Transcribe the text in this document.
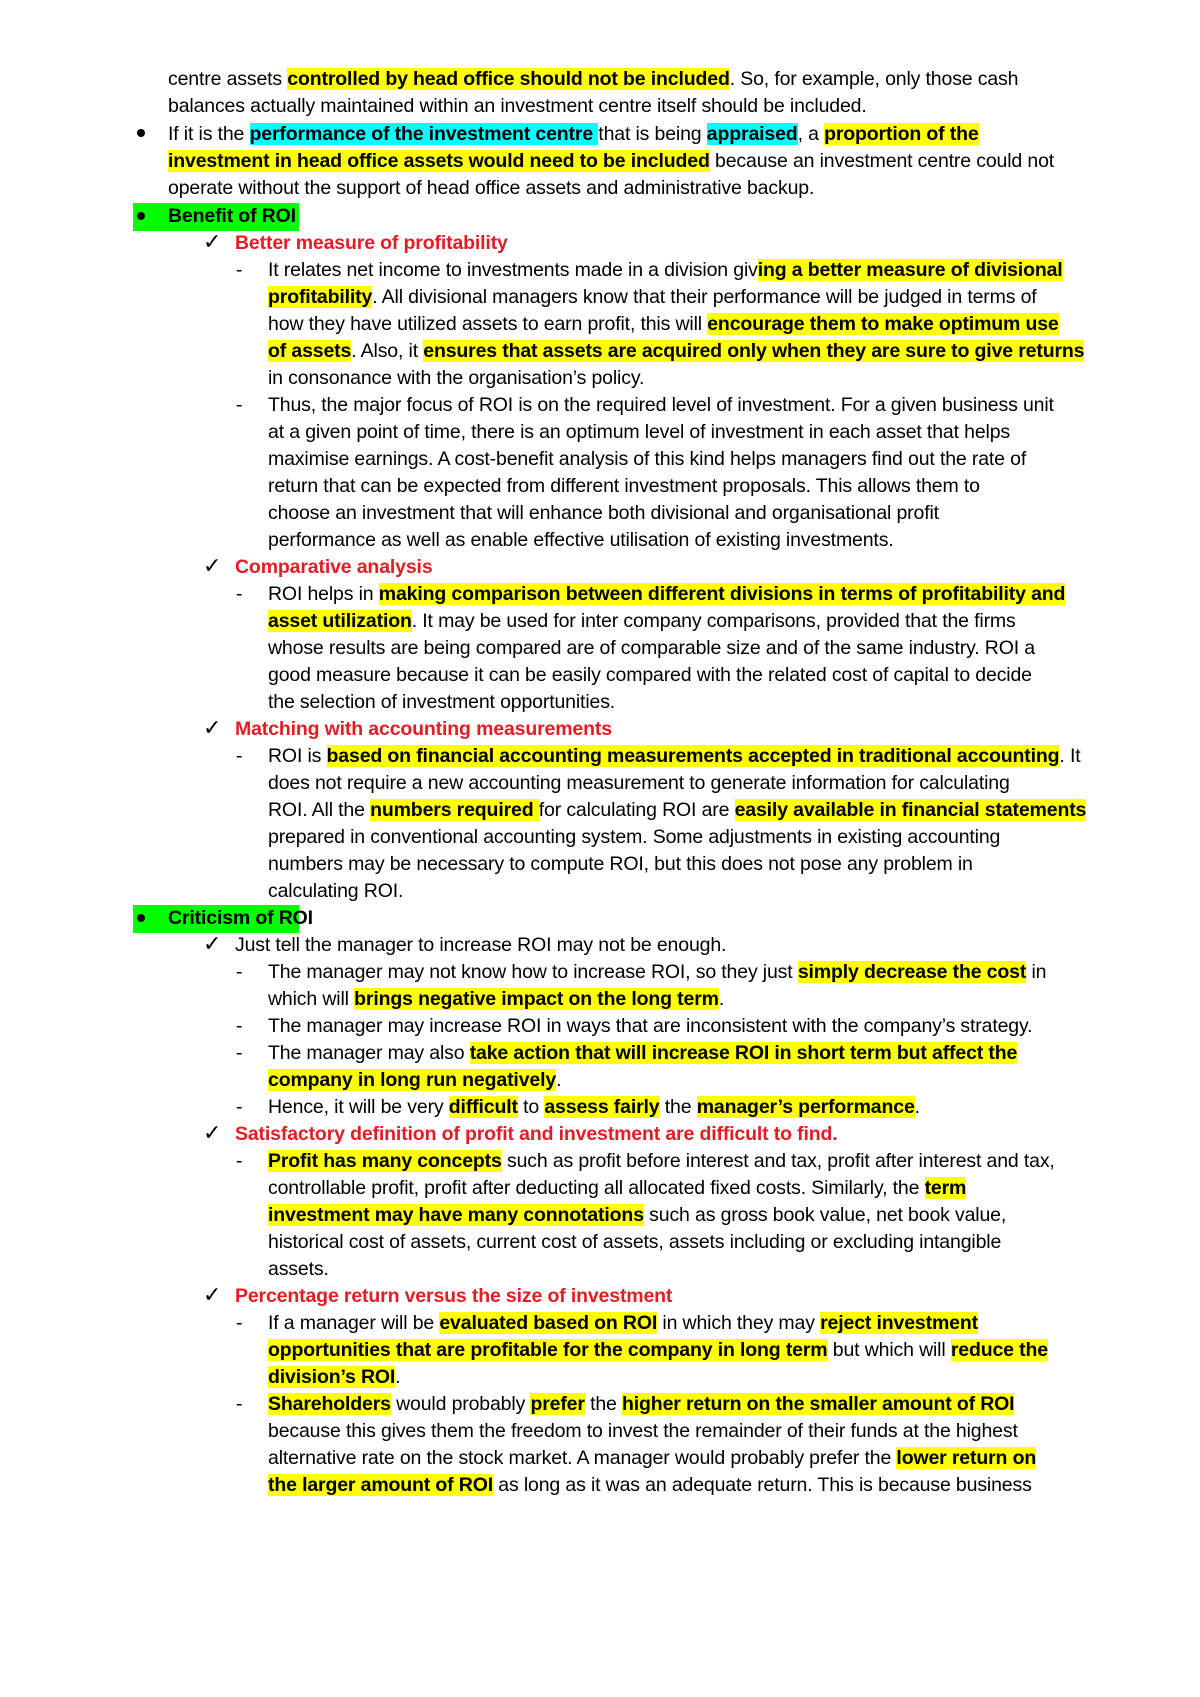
centre assets controlled by head office should not be included. So, for example, only those cash
balances actually maintained within an investment centre itself should be included.
If it is the performance of the investment centre that is being appraised, a proportion of the
investment in head office assets would need to be included because an investment centre could not
operate without the support of head office assets and administrative backup.
Benefit of ROI
✓ Better measure of profitability
- It relates net income to investments made in a division giving a better measure of divisional
profitability. All divisional managers know that their performance will be judged in terms of
how they have utilized assets to earn profit, this will encourage them to make optimum use
of assets. Also, it ensures that assets are acquired only when they are sure to give returns
in consonance with the organisation’s policy.
- Thus, the major focus of ROI is on the required level of investment. For a given business unit
at a given point of time, there is an optimum level of investment in each asset that helps
maximise earnings. A cost-benefit analysis of this kind helps managers find out the rate of
return that can be expected from different investment proposals. This allows them to
choose an investment that will enhance both divisional and organisational profit
performance as well as enable effective utilisation of existing investments.
✓ Comparative analysis
- ROI helps in making comparison between different divisions in terms of profitability and
asset utilization. It may be used for inter company comparisons, provided that the firms
whose results are being compared are of comparable size and of the same industry. ROI a
good measure because it can be easily compared with the related cost of capital to decide
the selection of investment opportunities.
✓ Matching with accounting measurements
- ROI is based on financial accounting measurements accepted in traditional accounting. It
does not require a new accounting measurement to generate information for calculating
ROI. All the numbers required for calculating ROI are easily available in financial statements
prepared in conventional accounting system. Some adjustments in existing accounting
numbers may be necessary to compute ROI, but this does not pose any problem in
calculating ROI.
Criticism of ROI
✓ Just tell the manager to increase ROI may not be enough.
- The manager may not know how to increase ROI, so they just simply decrease the cost in
which will brings negative impact on the long term.
- The manager may increase ROI in ways that are inconsistent with the company’s strategy.
- The manager may also take action that will increase ROI in short term but affect the
company in long run negatively.
- Hence, it will be very difficult to assess fairly the manager’s performance.
✓ Satisfactory definition of profit and investment are difficult to find.
- Profit has many concepts such as profit before interest and tax, profit after interest and tax,
controllable profit, profit after deducting all allocated fixed costs. Similarly, the term
investment may have many connotations such as gross book value, net book value,
historical cost of assets, current cost of assets, assets including or excluding intangible
assets.
✓ Percentage return versus the size of investment
- If a manager will be evaluated based on ROI in which they may reject investment
opportunities that are profitable for the company in long term but which will reduce the
division’s ROI.
- Shareholders would probably prefer the higher return on the smaller amount of ROI
because this gives them the freedom to invest the remainder of their funds at the highest
alternative rate on the stock market. A manager would probably prefer the lower return on
the larger amount of ROI as long as it was an adequate return. This is because business
